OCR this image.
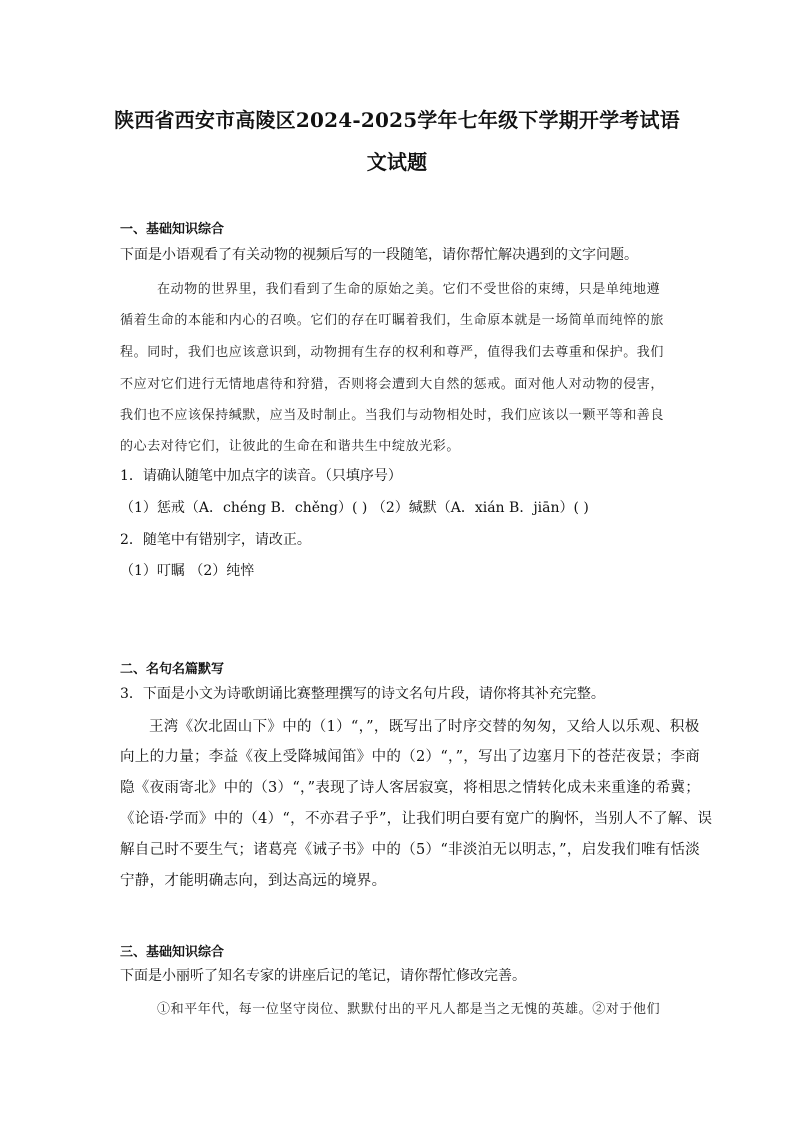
陕西省西安市高陵区2024-2025学年七年级下学期开学考试语
文试题
一、基础知识综合
下面是小语观看了有关动物的视频后写的一段随笔，请你帮忙解决遇到的文字问题。
在动物的世界里，我们看到了生命的原始之美。它们不受世俗的束缚，只是单纯地遵
循着生命的本能和内心的召唤。它们的存在叮瞩着我们，生命原本就是一场简单而纯悴的旅
程。同时，我们也应该意识到，动物拥有生存的权利和尊严，值得我们去尊重和保护。我们
不应对它们进行无情地虐待和狩猎，否则将会遭到大自然的惩戒。面对他人对动物的侵害，
我们也不应该保持缄默，应当及时制止。当我们与动物相处时，我们应该以一颗平等和善良
的心去对待它们，让彼此的生命在和谐共生中绽放光彩。
1．请确认随笔中加点字的读音。（只填序号）
（1）惩戒（A．chéng B．chěng）( ) （2）缄默（A．xián B．jiān）( )
2．随笔中有错别字，请改正。
（1）叮瞩 （2）纯悴
二、名句名篇默写
3．下面是小文为诗歌朗诵比赛整理撰写的诗文名句片段，请你将其补充完整。
王湾《次北固山下》中的（1）“，”，既写出了时序交替的匆匆，又给人以乐观、积极
向上的力量；李益《夜上受降城闻笛》中的（2）“，”，写出了边塞月下的苍茫夜景；李商
隐《夜雨寄北》中的（3）“，”表现了诗人客居寂寞，将相思之情转化成未来重逢的希冀；
《论语·学而》中的（4）“，不亦君子乎”，让我们明白要有宽广的胸怀，当别人不了解、误
解自己时不要生气；诸葛亮《诫子书》中的（5）“非淡泊无以明志，”，启发我们唯有恬淡
宁静，才能明确志向，到达高远的境界。
三、基础知识综合
下面是小丽听了知名专家的讲座后记的笔记，请你帮忙修改完善。
①和平年代，每一位坚守岗位、默默付出的平凡人都是当之无愧的英雄。②对于他们
